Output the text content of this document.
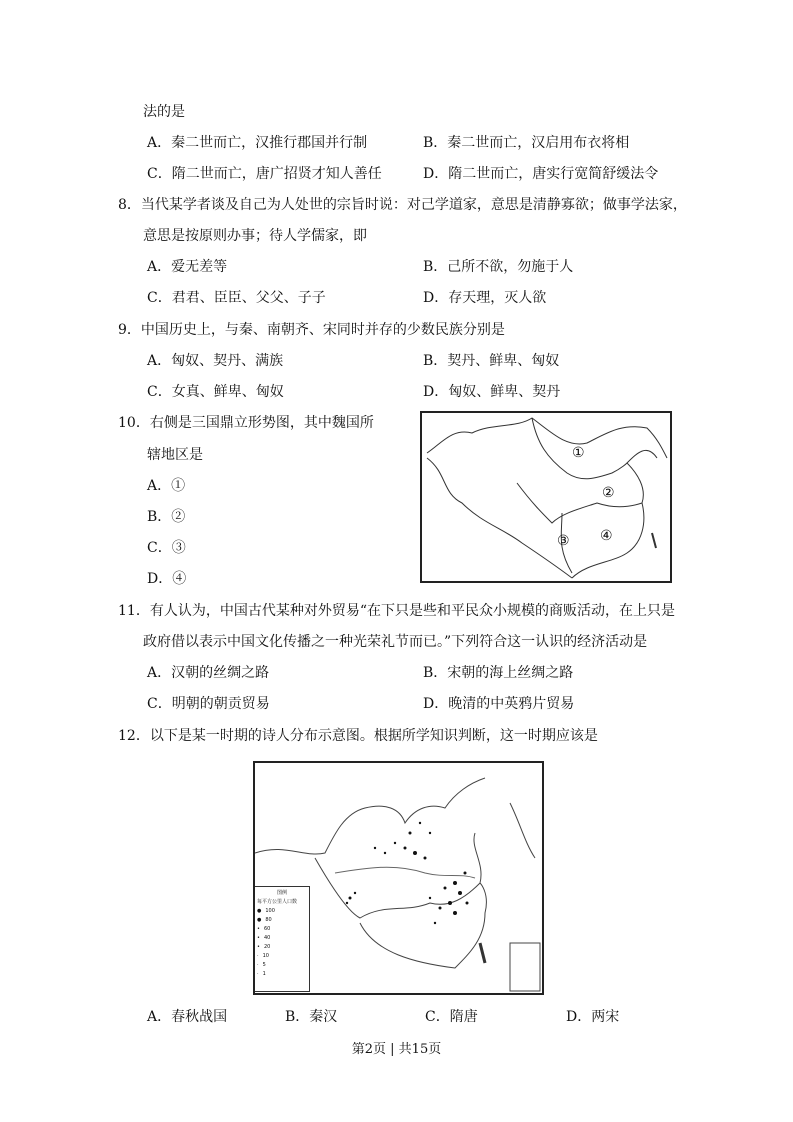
法的是
A．秦二世而亡，汉推行郡国并行制	B．秦二世而亡，汉启用布衣将相
C．隋二世而亡，唐广招贤才知人善任	D．隋二世而亡，唐实行宽简舒缓法令
8．当代某学者谈及自己为人处世的宗旨时说：对己学道家，意思是清静寡欲；做事学法家，
意思是按原则办事；待人学儒家，即
A．爱无差等	B．己所不欲，勿施于人
C．君君、臣臣、父父、子子	D．存天理，灭人欲
9．中国历史上，与秦、南朝齐、宋同时并存的少数民族分别是
A．匈奴、契丹、满族	B．契丹、鲜卑、匈奴
C．女真、鲜卑、匈奴	D．匈奴、鲜卑、契丹
10．右侧是三国鼎立形势图，其中魏国所
辖地区是
A．①
B．②
C．③
D．④
①
②
③ ④
11．有人认为，中国古代某种对外贸易“在下只是些和平民众小规模的商贩活动，在上只是
政府借以表示中国文化传播之一种光荣礼节而已。”下列符合这一认识的经济活动是
A．汉朝的丝绸之路	B．宋朝的海上丝绸之路
C．明朝的朝贡贸易	D．晚清的中英鸦片贸易
12．以下是某一时期的诗人分布示意图。根据所学知识判断，这一时期应该是
图例
每平方公里人口数
● 100
● 80
• 60
• 40
• 20
· 10
· 5
· 1
A．春秋战国	B．秦汉	C．隋唐	D．两宋
第2页 | 共15页
